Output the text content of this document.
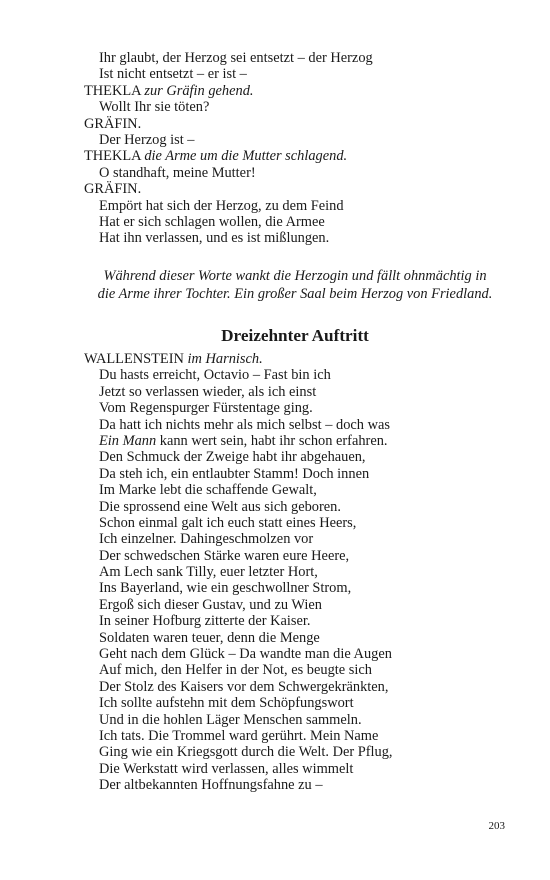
Ihr glaubt, der Herzog sei entsetzt – der Herzog
Ist nicht entsetzt – er ist –
THEKLA zur Gräfin gehend.
Wollt Ihr sie töten?
GRÄFIN.
Der Herzog ist –
THEKLA die Arme um die Mutter schlagend.
O standhaft, meine Mutter!
GRÄFIN.
Empört hat sich der Herzog, zu dem Feind
Hat er sich schlagen wollen, die Armee
Hat ihn verlassen, und es ist mißlungen.
Während dieser Worte wankt die Herzogin und fällt ohnmächtig in
die Arme ihrer Tochter. Ein großer Saal beim Herzog von Friedland.
Dreizehnter Auftritt
WALLENSTEIN im Harnisch.
Du hasts erreicht, Octavio – Fast bin ich
Jetzt so verlassen wieder, als ich einst
Vom Regenspurger Fürstentage ging.
Da hatt ich nichts mehr als mich selbst – doch was
Ein Mann kann wert sein, habt ihr schon erfahren.
Den Schmuck der Zweige habt ihr abgehauen,
Da steh ich, ein entlaubter Stamm! Doch innen
Im Marke lebt die schaffende Gewalt,
Die sprossend eine Welt aus sich geboren.
Schon einmal galt ich euch statt eines Heers,
Ich einzelner. Dahingeschmolzen vor
Der schwedschen Stärke waren eure Heere,
Am Lech sank Tilly, euer letzter Hort,
Ins Bayerland, wie ein geschwollner Strom,
Ergoß sich dieser Gustav, und zu Wien
In seiner Hofburg zitterte der Kaiser.
Soldaten waren teuer, denn die Menge
Geht nach dem Glück – Da wandte man die Augen
Auf mich, den Helfer in der Not, es beugte sich
Der Stolz des Kaisers vor dem Schwergekränkten,
Ich sollte aufstehn mit dem Schöpfungswort
Und in die hohlen Läger Menschen sammeln.
Ich tats. Die Trommel ward gerührt. Mein Name
Ging wie ein Kriegsgott durch die Welt. Der Pflug,
Die Werkstatt wird verlassen, alles wimmelt
Der altbekannten Hoffnungsfahne zu –
203
